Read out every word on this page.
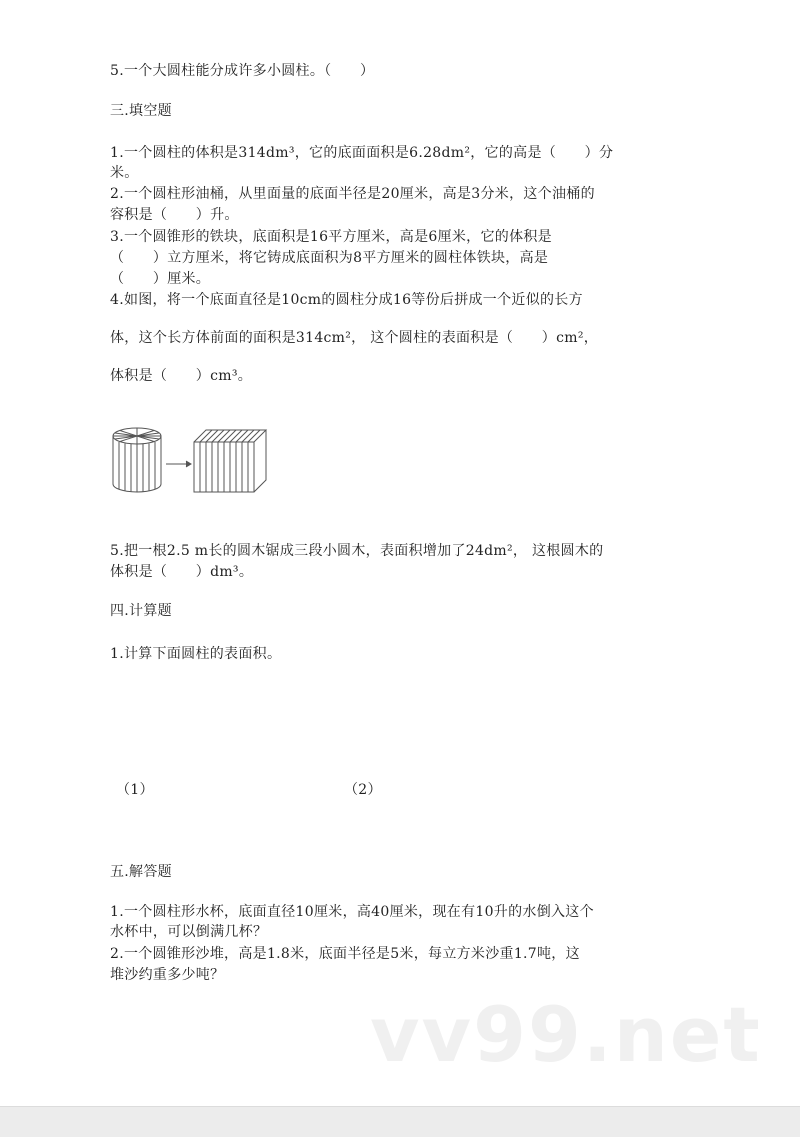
5.一个大圆柱能分成许多小圆柱。（　　）
三.填空题
1.一个圆柱的体积是314dm³，它的底面面积是6.28dm²，它的高是（　　）分
米。
2.一个圆柱形油桶，从里面量的底面半径是20厘米，高是3分米，这个油桶的
容积是（　　）升。
3.一个圆锥形的铁块，底面积是16平方厘米，高是6厘米，它的体积是
（　　）立方厘米，将它铸成底面积为8平方厘米的圆柱体铁块，高是
（　　）厘米。
4.如图，将一个底面直径是10cm的圆柱分成16等份后拼成一个近似的长方
体，这个长方体前面的面积是314cm²， 这个圆柱的表面积是（　　）cm²，
体积是（　　）cm³。
5.把一根2.5 m长的圆木锯成三段小圆木，表面积增加了24dm²， 这根圆木的
体积是（　　）dm³。
四.计算题
1.计算下面圆柱的表面积。
（1）	（2）
五.解答题
1.一个圆柱形水杯，底面直径10厘米，高40厘米，现在有10升的水倒入这个
水杯中，可以倒满几杯？
2.一个圆锥形沙堆，高是1.8米，底面半径是5米，每立方米沙重1.7吨，这
堆沙约重多少吨？
vv99.net
